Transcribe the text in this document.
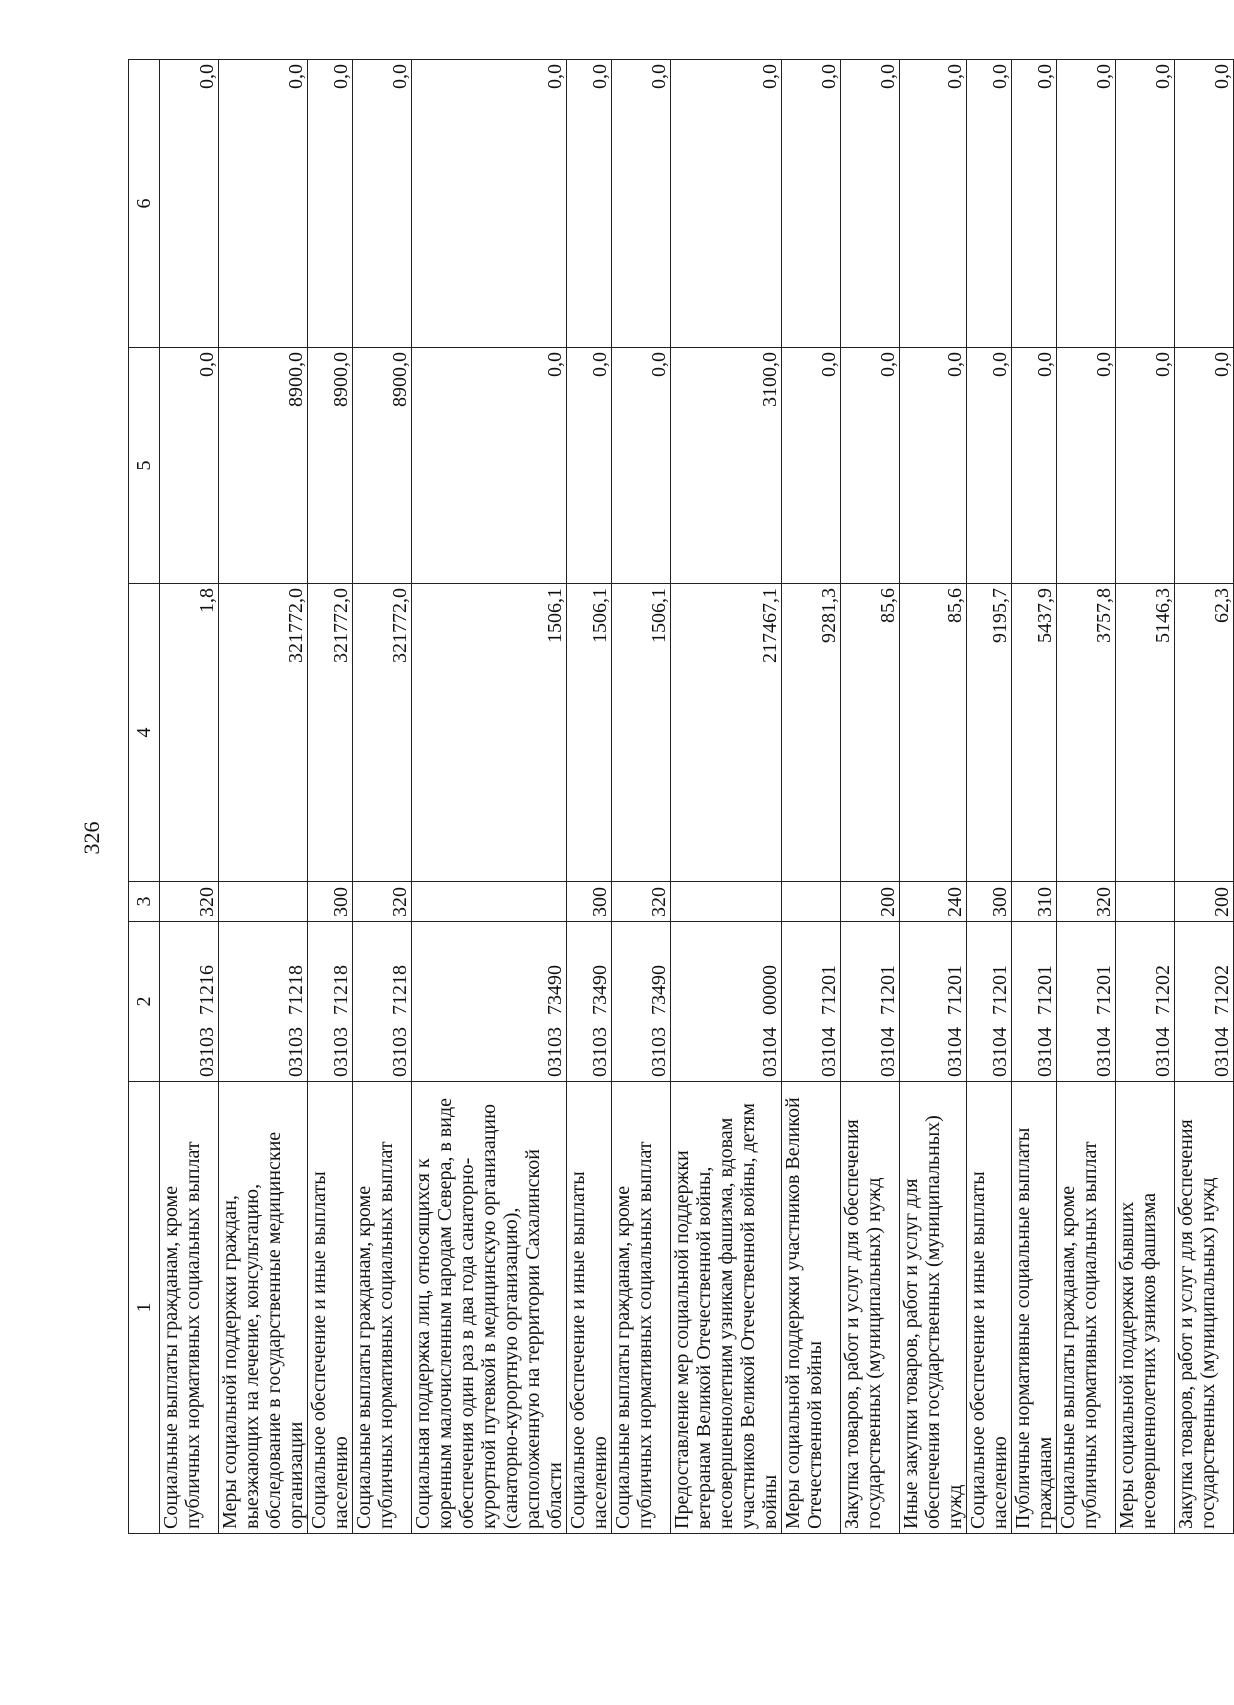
326
1	2	3	4	5	6
Социальные выплаты гражданам, кроме публичных нормативных социальных выплат	0310371216	320	1,8	0,0	0,0
Меры социальной поддержки граждан, выезжающих на лечение, консультацию, обследование в государственные медицинские организации	0310371218		321772,0	8900,0	0,0
Социальное обеспечение и иные выплаты населению	0310371218	300	321772,0	8900,0	0,0
Социальные выплаты гражданам, кроме публичных нормативных социальных выплат	0310371218	320	321772,0	8900,0	0,0
Социальная поддержка лиц, относящихся к коренным малочисленным народам Севера, в виде обеспечения один раз в два года санаторно-курортной путевкой в медицинскую организацию (санаторно-курортную организацию), расположенную на территории Сахалинской области	0310373490		1506,1	0,0	0,0
Социальное обеспечение и иные выплаты населению	0310373490	300	1506,1	0,0	0,0
Социальные выплаты гражданам, кроме публичных нормативных социальных выплат	0310373490	320	1506,1	0,0	0,0
Предоставление мер социальной поддержки ветеранам Великой Отечественной войны, несовершеннолетним узникам фашизма, вдовам участников Великой Отечественной войны, детям войны	0310400000		217467,1	3100,0	0,0
Меры социальной поддержки участников Великой Отечественной войны	0310471201		9281,3	0,0	0,0
Закупка товаров, работ и услуг для обеспечения государственных (муниципальных) нужд	0310471201	200	85,6	0,0	0,0
Иные закупки товаров, работ и услуг для обеспечения государственных (муниципальных) нужд	0310471201	240	85,6	0,0	0,0
Социальное обеспечение и иные выплаты населению	0310471201	300	9195,7	0,0	0,0
Публичные нормативные социальные выплаты гражданам	0310471201	310	5437,9	0,0	0,0
Социальные выплаты гражданам, кроме публичных нормативных социальных выплат	0310471201	320	3757,8	0,0	0,0
Меры социальной поддержки бывших несовершеннолетних узников фашизма	0310471202		5146,3	0,0	0,0
Закупка товаров, работ и услуг для обеспечения государственных (муниципальных) нужд	0310471202	200	62,3	0,0	0,0
